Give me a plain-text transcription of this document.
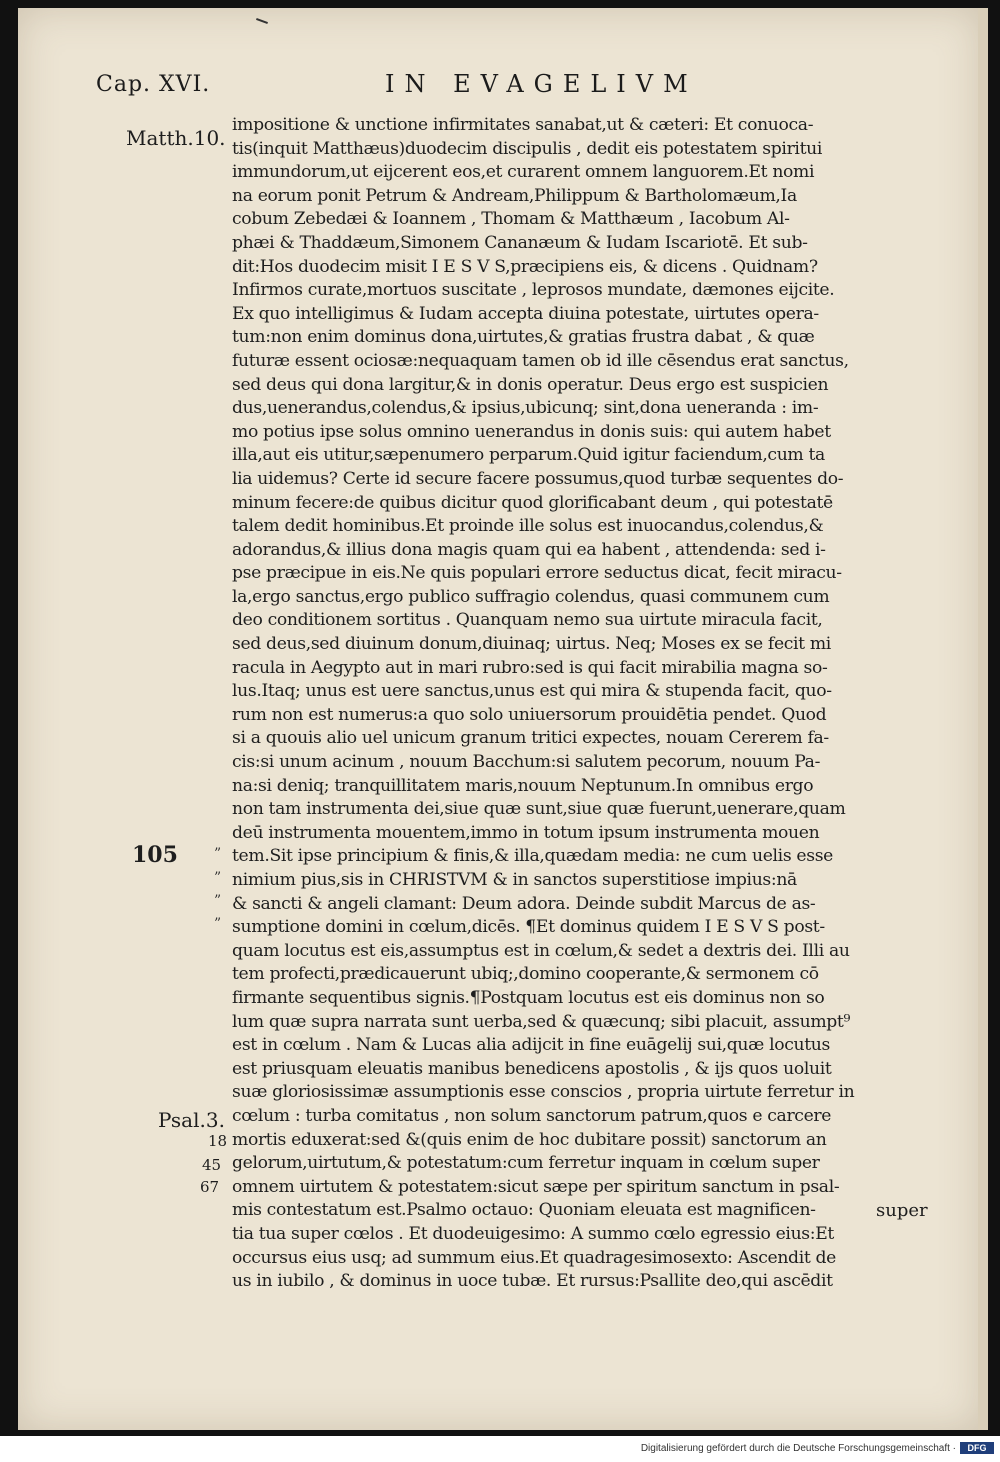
Cap. XVI.	IN EVAGELIVM
Matth.10.
105
Psal.3.
18
45
67
”
”
”
”
impositione & unctione infirmitates sanabat,ut & cæteri: Et conuoca-
tis(inquit Matthæus)duodecim discipulis , dedit eis potestatem spiritui
immundorum,ut eijcerent eos,et curarent omnem languorem.Et nomi
na eorum ponit Petrum & Andream,Philippum & Bartholomæum,Ia
cobum Zebedæi & Ioannem , Thomam & Matthæum , Iacobum Al-
phæi & Thaddæum,Simonem Cananæum & Iudam Iscariotē. Et sub-
dit:Hos duodecim misit I E S V S,præcipiens eis, & dicens . Quidnam?
Infirmos curate,mortuos suscitate , leprosos mundate, dæmones eijcite.
Ex quo intelligimus & Iudam accepta diuina potestate, uirtutes opera-
tum:non enim dominus dona,uirtutes,& gratias frustra dabat , & quæ
futuræ essent ociosæ:nequaquam tamen ob id ille cēsendus erat sanctus,
sed deus qui dona largitur,& in donis operatur. Deus ergo est suspicien
dus,uenerandus,colendus,& ipsius,ubicunq; sint,dona ueneranda : im-
mo potius ipse solus omnino uenerandus in donis suis: qui autem habet
illa,aut eis utitur,sæpenumero perparum.Quid igitur faciendum,cum ta
lia uidemus? Certe id secure facere possumus,quod turbæ sequentes do-
minum fecere:de quibus dicitur quod glorificabant deum , qui potestatē
talem dedit hominibus.Et proinde ille solus est inuocandus,colendus,&
adorandus,& illius dona magis quam qui ea habent , attendenda: sed i-
pse præcipue in eis.Ne quis populari errore seductus dicat, fecit miracu-
la,ergo sanctus,ergo publico suffragio colendus, quasi communem cum
deo conditionem sortitus . Quanquam nemo sua uirtute miracula facit,
sed deus,sed diuinum donum,diuinaq; uirtus. Neq; Moses ex se fecit mi
racula in Aegypto aut in mari rubro:sed is qui facit mirabilia magna so-
lus.Itaq; unus est uere sanctus,unus est qui mira & stupenda facit, quo-
rum non est numerus:a quo solo uniuersorum prouidētia pendet. Quod
si a quouis alio uel unicum granum tritici expectes, nouam Cererem fa-
cis:si unum acinum , nouum Bacchum:si salutem pecorum, nouum Pa-
na:si deniq; tranquillitatem maris,nouum Neptunum.In omnibus ergo
non tam instrumenta dei,siue quæ sunt,siue quæ fuerunt,uenerare,quam
deū instrumenta mouentem,immo in totum ipsum instrumenta mouen
tem.Sit ipse principium & finis,& illa,quædam media: ne cum uelis esse
nimium pius,sis in CHRISTVM & in sanctos superstitiose impius:nā
& sancti & angeli clamant: Deum adora. Deinde subdit Marcus de as-
sumptione domini in cœlum,dicēs. ¶Et dominus quidem I E S V S post-
quam locutus est eis,assumptus est in cœlum,& sedet a dextris dei. Illi au
tem profecti,prædicauerunt ubiq;,domino cooperante,& sermonem cō
firmante sequentibus signis.¶Postquam locutus est eis dominus non so
lum quæ supra narrata sunt uerba,sed & quæcunq; sibi placuit, assumpt⁹
est in cœlum . Nam & Lucas alia adijcit in fine euāgelij sui,quæ locutus
est priusquam eleuatis manibus benedicens apostolis , & ijs quos uoluit
suæ gloriosissimæ assumptionis esse conscios , propria uirtute ferretur in
cœlum : turba comitatus , non solum sanctorum patrum,quos e carcere
mortis eduxerat:sed &(quis enim de hoc dubitare possit) sanctorum an
gelorum,uirtutum,& potestatum:cum ferretur inquam in cœlum super
omnem uirtutem & potestatem:sicut sæpe per spiritum sanctum in psal-
mis contestatum est.Psalmo octauo: Quoniam eleuata est magnificen-
tia tua super cœlos . Et duodeuigesimo: A summo cœlo egressio eius:Et
occursus eius usq; ad summum eius.Et quadragesimosexto: Ascendit de
us in iubilo , & dominus in uoce tubæ. Et rursus:Psallite deo,qui ascēdit
super
Digitalisierung gefördert durch die Deutsche Forschungsgemeinschaft ·	DFG
